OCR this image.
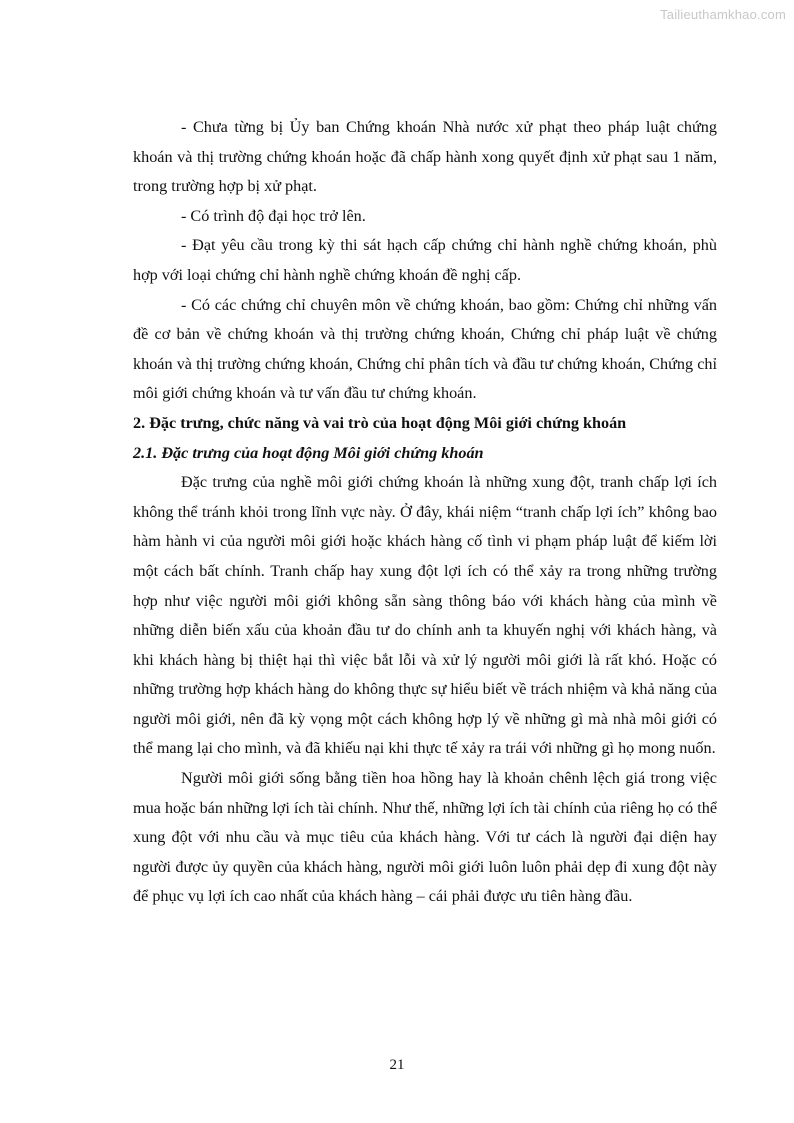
Tailieuthamkhao.com

- Chưa từng bị Ủy ban Chứng khoán Nhà nước xử phạt theo pháp luật chứng khoán và thị trường chứng khoán hoặc đã chấp hành xong quyết định xử phạt sau 1 năm, trong trường hợp bị xử phạt.

- Có trình độ đại học trở lên.

- Đạt yêu cầu trong kỳ thi sát hạch cấp chứng chỉ hành nghề chứng khoán, phù hợp với loại chứng chỉ hành nghề chứng khoán đề nghị cấp.

- Có các chứng chỉ chuyên môn về chứng khoán, bao gồm: Chứng chỉ những vấn đề cơ bản về chứng khoán và thị trường chứng khoán, Chứng chỉ pháp luật về chứng khoán và thị trường chứng khoán, Chứng chỉ phân tích và đầu tư chứng khoán, Chứng chỉ môi giới chứng khoán và tư vấn đầu tư chứng khoán.

2. Đặc trưng, chức năng và vai trò của hoạt động Môi giới chứng khoán

2.1. Đặc trưng của hoạt động Môi giới chứng khoán

Đặc trưng của nghề môi giới chứng khoán là những xung đột, tranh chấp lợi ích không thể tránh khỏi trong lĩnh vực này. Ở đây, khái niệm “tranh chấp lợi ích” không bao hàm hành vi của người môi giới hoặc khách hàng cố tình vi phạm pháp luật để kiếm lời một cách bất chính. Tranh chấp hay xung đột lợi ích có thể xảy ra trong những trường hợp như việc người môi giới không sẵn sàng thông báo với khách hàng của mình về những diễn biến xấu của khoản đầu tư do chính anh ta khuyến nghị với khách hàng, và khi khách hàng bị thiệt hại thì việc bắt lỗi và xử lý người môi giới là rất khó. Hoặc có những trường hợp khách hàng do không thực sự hiểu biết về trách nhiệm và khả năng của người môi giới, nên đã kỳ vọng một cách không hợp lý về những gì mà nhà môi giới có thể mang lại cho mình, và đã khiếu nại khi thực tế xảy ra trái với những gì họ mong nuốn.

Người môi giới sống bằng tiền hoa hồng hay là khoản chênh lệch giá trong việc mua hoặc bán những lợi ích tài chính. Như thế, những lợi ích tài chính của riêng họ có thể xung đột với nhu cầu và mục tiêu của khách hàng. Với tư cách là người đại diện hay người được ủy quyền của khách hàng, người môi giới luôn luôn phải dẹp đi xung đột này để phục vụ lợi ích cao nhất của khách hàng – cái phải được ưu tiên hàng đầu.

21
